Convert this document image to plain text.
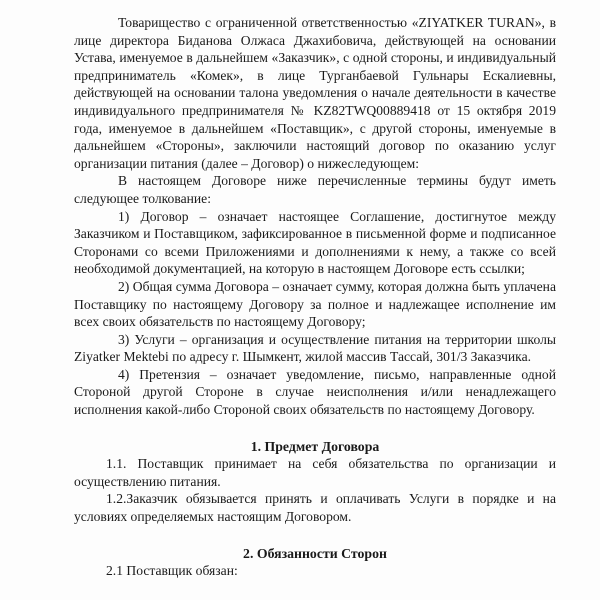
Товарищество с ограниченной ответственностью «ZIYATKER TURAN», в лице директора Биданова Олжаса Джахибовича, действующей на основании Устава, именуемое в дальнейшем «Заказчик», с одной стороны, и индивидуальный предприниматель «Комек», в лице Турганбаевой Гульнары Ескалиевны, действующей на основании талона уведомления о начале деятельности в качестве индивидуального предпринимателя № KZ82TWQ00889418 от 15 октября 2019 года, именуемое в дальнейшем «Поставщик», с другой стороны, именуемые в дальнейшем «Стороны», заключили настоящий договор по оказанию услуг организации питания (далее – Договор) о нижеследующем:

В настоящем Договоре ниже перечисленные термины будут иметь следующее толкование:

1) Договор – означает настоящее Соглашение, достигнутое между Заказчиком и Поставщиком, зафиксированное в письменной форме и подписанное Сторонами со всеми Приложениями и дополнениями к нему, а также со всей необходимой документацией, на которую в настоящем Договоре есть ссылки;

2) Общая сумма Договора – означает сумму, которая должна быть уплачена Поставщику по настоящему Договору за полное и надлежащее исполнение им всех своих обязательств по настоящему Договору;

3) Услуги – организация и осуществление питания на территории школы Ziyatker Mektebi по адресу г. Шымкент, жилой массив Тассай, 301/3 Заказчика.

4) Претензия – означает уведомление, письмо, направленные одной Стороной другой Стороне в случае неисполнения и/или ненадлежащего исполнения какой-либо Стороной своих обязательств по настоящему Договору.

1. Предмет Договора

1.1. Поставщик принимает на себя обязательства по организации и осуществлению питания.

1.2.Заказчик обязывается принять и оплачивать Услуги в порядке и на условиях определяемых настоящим Договором.

2. Обязанности Сторон

2.1 Поставщик обязан:
